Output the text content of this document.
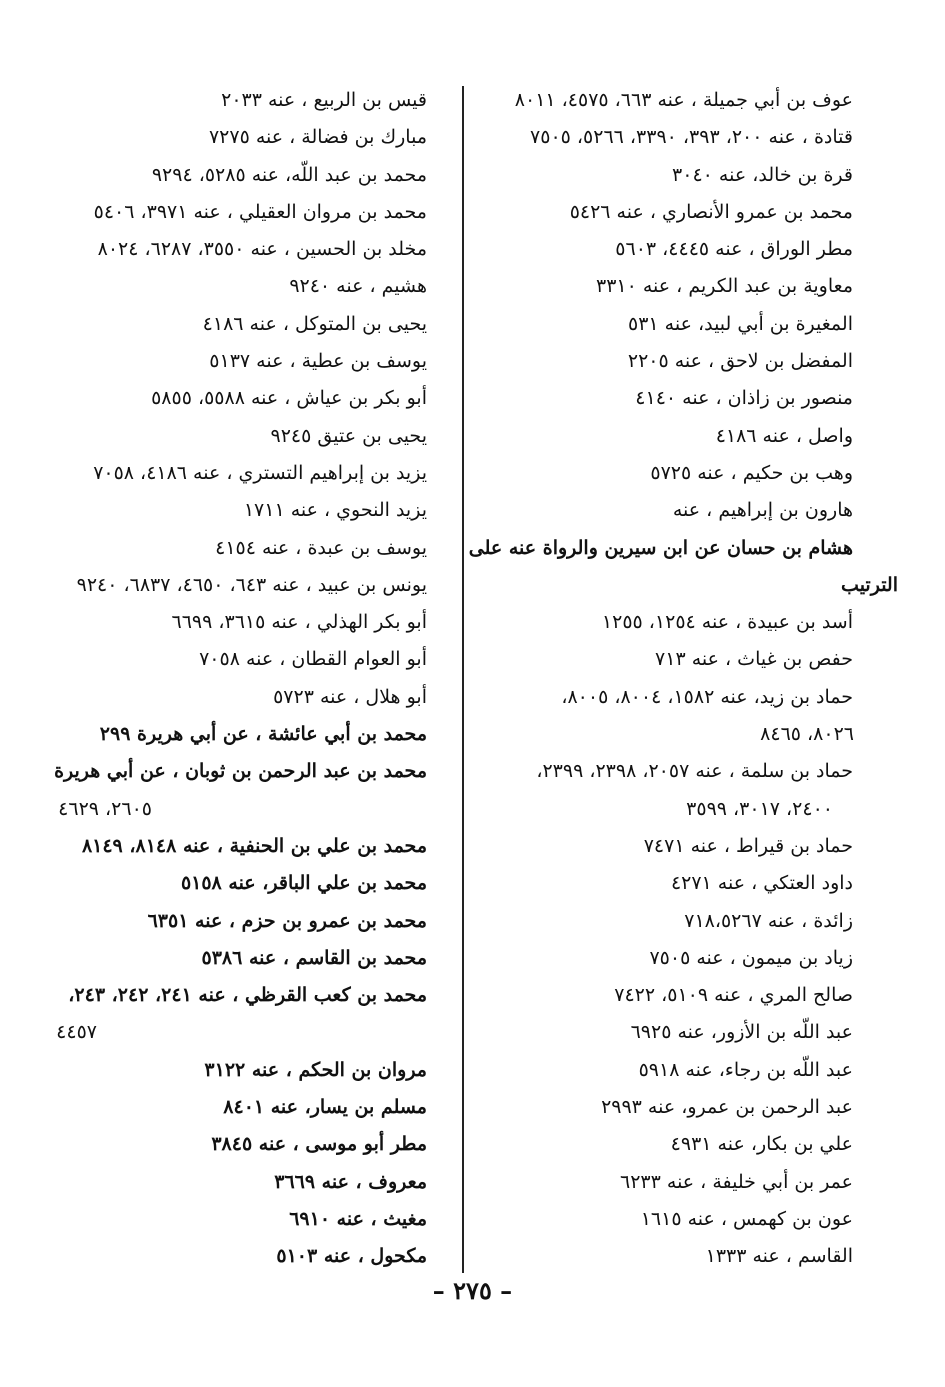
عوف بن أبي جميلة ، عنه ٦٦٣، ٤٥٧٥، ٨٠١١
قتادة ، عنه ٢٠٠، ٣٩٣، ٣٣٩٠، ٥٢٦٦، ٧٥٠٥
قرة بن خالد، عنه ٣٠٤٠
محمد بن عمرو الأنصاري ، عنه ٥٤٢٦
مطر الوراق ، عنه ٤٤٤٥، ٥٦٠٣
معاوية بن عبد الكريم ، عنه ٣٣١٠
المغيرة بن أبي لبيد، عنه ٥٣١
المفضل بن لاحق ، عنه ٢٢٠٥
منصور بن زاذان ، عنه ٤١٤٠
واصل ، عنه ٤١٨٦
وهب بن حكيم ، عنه ٥٧٢٥
هارون بن إبراهيم ، عنه
هشام بن حسان عن ابن سيرين والرواة عنه على
الترتيب
أسد بن عبيدة ، عنه ١٢٥٤، ١٢٥٥
حفص بن غياث ، عنه ٧١٣
حماد بن زيد، عنه ١٥٨٢، ٨٠٠٤، ٨٠٠٥،
٨٠٢٦، ٨٤٦٥
حماد بن سلمة ، عنه ٢٠٥٧، ٢٣٩٨، ٢٣٩٩،
٢٤٠٠، ٣٠١٧، ٣٥٩٩
حماد بن قيراط ، عنه ٧٤٧١
داود العتكي ، عنه ٤٢٧١
زائدة ، عنه ٧١٨،٥٢٦٧
زياد بن ميمون ، عنه ٧٥٠٥
صالح المري ، عنه ٥١٠٩، ٧٤٢٢
عبد اللّه بن الأزور، عنه ٦٩٢٥
عبد اللّه بن رجاء، عنه ٥٩١٨
عبد الرحمن بن عمرو، عنه ٢٩٩٣
علي بن بكار، عنه ٤٩٣١
عمر بن أبي خليفة ، عنه ٦٢٣٣
عون بن كهمس ، عنه ١٦١٥
القاسم ، عنه ١٣٣٣
قيس بن الربيع ، عنه ٢٠٣٣
مبارك بن فضالة ، عنه ٧٢٧٥
محمد بن عبد اللّه، عنه ٥٢٨٥، ٩٢٩٤
محمد بن مروان العقيلي ، عنه ٣٩٧١، ٥٤٠٦
مخلد بن الحسين ، عنه ٣٥٥٠، ٦٢٨٧، ٨٠٢٤
هشيم ، عنه ٩٢٤٠
يحيى بن المتوكل ، عنه ٤١٨٦
يوسف بن عطية ، عنه ٥١٣٧
أبو بكر بن عياش ، عنه ٥٥٨٨، ٥٨٥٥
يحيى بن عتيق ٩٢٤٥
يزيد بن إبراهيم التستري ، عنه ٤١٨٦، ٧٠٥٨
يزيد النحوي ، عنه ١٧١١
يوسف بن عبدة ، عنه ٤١٥٤
يونس بن عبيد ، عنه ٦٤٣، ٤٦٥٠، ٦٨٣٧، ٩٢٤٠
أبو بكر الهذلي ، عنه ٣٦١٥، ٦٦٩٩
أبو العوام القطان ، عنه ٧٠٥٨
أبو هلال ، عنه ٥٧٢٣
محمد بن أبي عائشة ، عن أبي هريرة ٢٩٩
محمد بن عبد الرحمن بن ثوبان ، عن أبي هريرة
٢٦٠٥، ٤٦٢٩
محمد بن علي بن الحنفية ، عنه ٨١٤٨، ٨١٤٩
محمد بن علي الباقر، عنه ٥١٥٨
محمد بن عمرو بن حزم ، عنه ٦٣٥١
محمد بن القاسم ، عنه ٥٣٨٦
محمد بن كعب القرظي ، عنه ٢٤١، ٢٤٢، ٢٤٣،
٤٤٥٧
مروان بن الحكم ، عنه ٣١٢٢
مسلم بن يسار، عنه ٨٤٠١
مطر أبو موسى ، عنه ٣٨٤٥
معروف ، عنه ٣٦٦٩
مغيث ، عنه ٦٩١٠
مكحول ، عنه ٥١٠٣
– ٢٧٥ –
